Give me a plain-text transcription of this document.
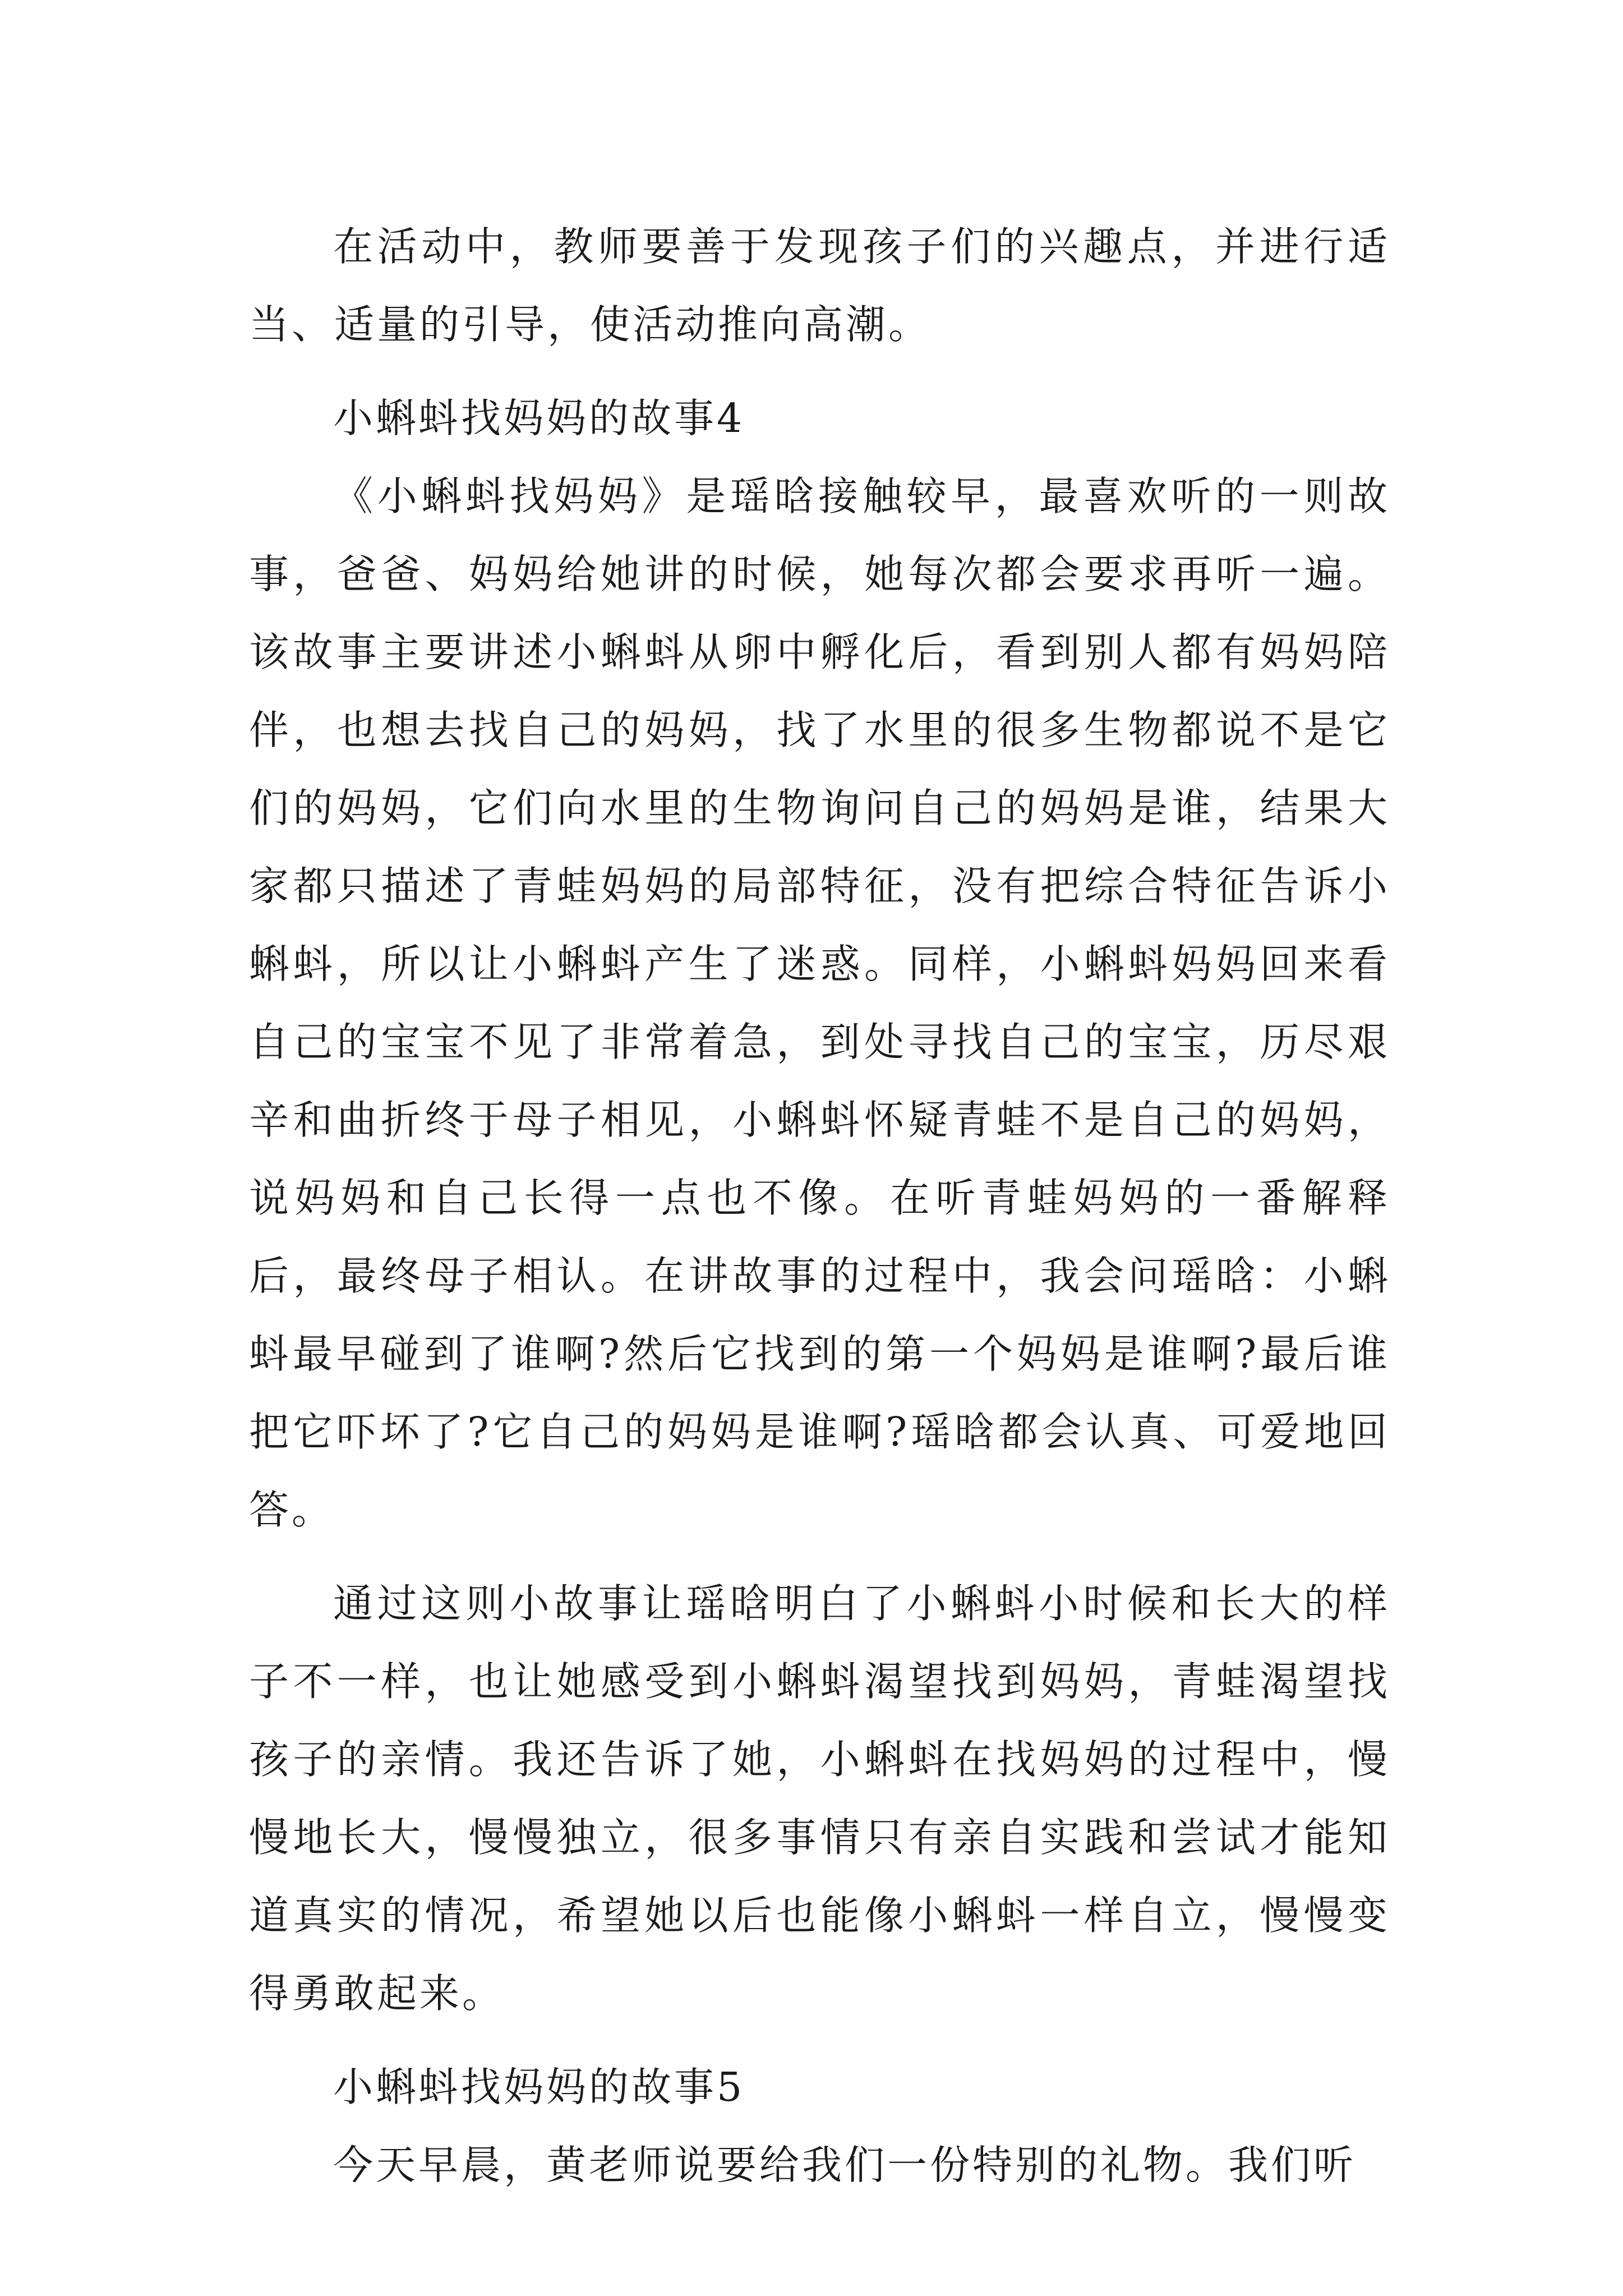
在活动中，教师要善于发现孩子们的兴趣点，并进行适当、适量的引导，使活动推向高潮。

小蝌蚪找妈妈的故事4

《小蝌蚪找妈妈》是瑶晗接触较早，最喜欢听的一则故事，爸爸、妈妈给她讲的时候，她每次都会要求再听一遍。该故事主要讲述小蝌蚪从卵中孵化后，看到别人都有妈妈陪伴，也想去找自己的妈妈，找了水里的很多生物都说不是它们的妈妈，它们向水里的生物询问自己的妈妈是谁，结果大家都只描述了青蛙妈妈的局部特征，没有把综合特征告诉小蝌蚪，所以让小蝌蚪产生了迷惑。同样，小蝌蚪妈妈回来看自己的宝宝不见了非常着急，到处寻找自己的宝宝，历尽艰辛和曲折终于母子相见，小蝌蚪怀疑青蛙不是自己的妈妈，说妈妈和自己长得一点也不像。在听青蛙妈妈的一番解释后，最终母子相认。在讲故事的过程中，我会问瑶晗：小蝌蚪最早碰到了谁啊?然后它找到的第一个妈妈是谁啊?最后谁把它吓坏了?它自己的妈妈是谁啊?瑶晗都会认真、可爱地回答。

通过这则小故事让瑶晗明白了小蝌蚪小时候和长大的样子不一样，也让她感受到小蝌蚪渴望找到妈妈，青蛙渴望找孩子的亲情。我还告诉了她，小蝌蚪在找妈妈的过程中，慢慢地长大，慢慢独立，很多事情只有亲自实践和尝试才能知道真实的情况，希望她以后也能像小蝌蚪一样自立，慢慢变得勇敢起来。

小蝌蚪找妈妈的故事5

今天早晨，黄老师说要给我们一份特别的礼物。我们听
